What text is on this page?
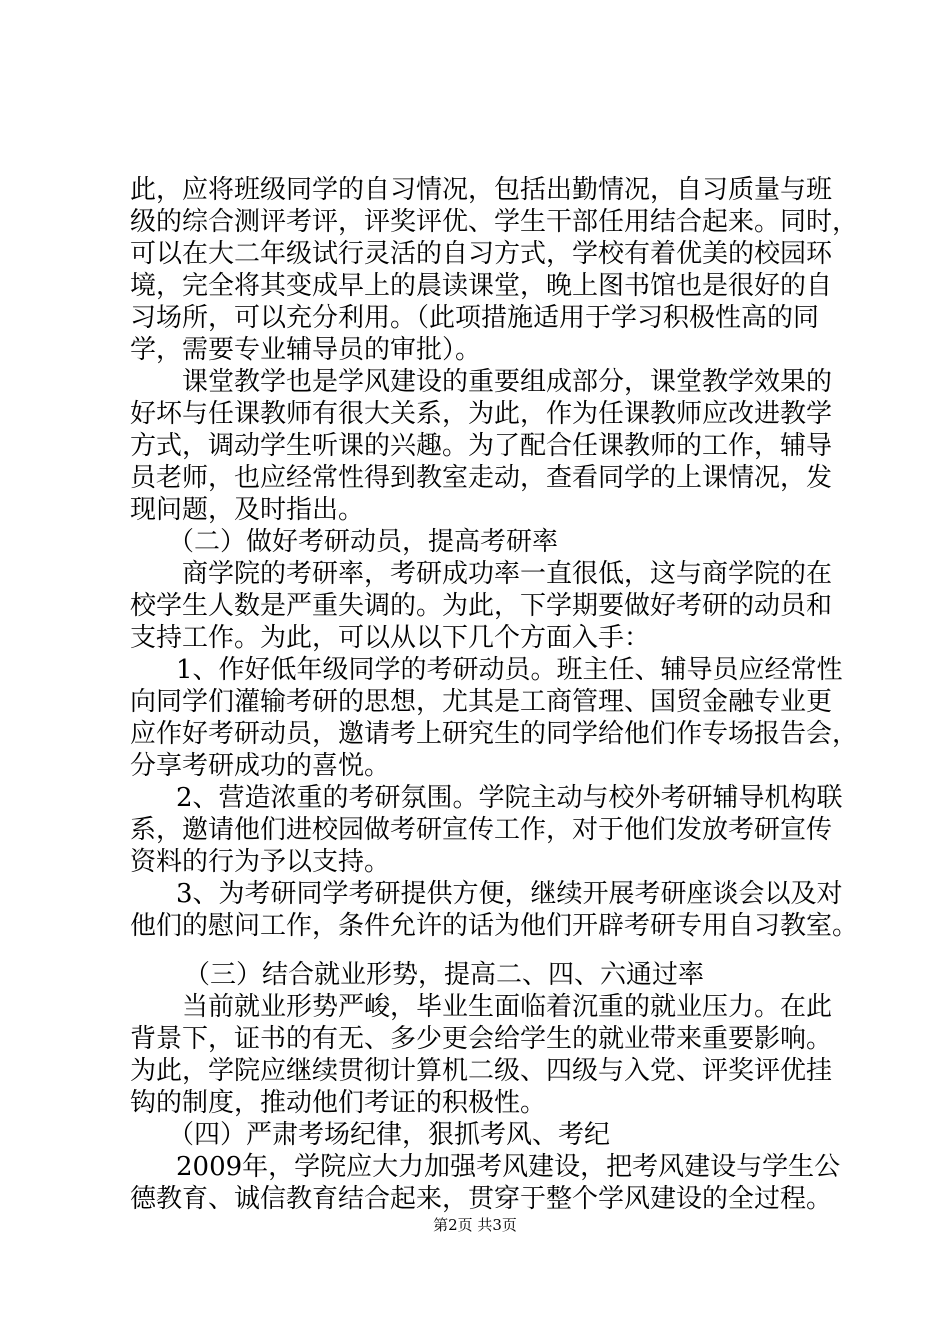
此，应将班级同学的自习情况，包括出勤情况，自习质量与班
级的综合测评考评，评奖评优、学生干部任用结合起来。同时，
可以在大二年级试行灵活的自习方式，学校有着优美的校园环
境，完全将其变成早上的晨读课堂，晚上图书馆也是很好的自
习场所，可以充分利用。（此项措施适用于学习积极性高的同
学，需要专业辅导员的审批）。
课堂教学也是学风建设的重要组成部分，课堂教学效果的
好坏与任课教师有很大关系，为此，作为任课教师应改进教学
方式，调动学生听课的兴趣。为了配合任课教师的工作，辅导
员老师，也应经常性得到教室走动，查看同学的上课情况，发
现问题，及时指出。
（二）做好考研动员，提高考研率
商学院的考研率，考研成功率一直很低，这与商学院的在
校学生人数是严重失调的。为此，下学期要做好考研的动员和
支持工作。为此，可以从以下几个方面入手：
1、作好低年级同学的考研动员。班主任、辅导员应经常性
向同学们灌输考研的思想，尤其是工商管理、国贸金融专业更
应作好考研动员，邀请考上研究生的同学给他们作专场报告会，
分享考研成功的喜悦。
2、营造浓重的考研氛围。学院主动与校外考研辅导机构联
系，邀请他们进校园做考研宣传工作，对于他们发放考研宣传
资料的行为予以支持。
3、为考研同学考研提供方便，继续开展考研座谈会以及对
他们的慰问工作，条件允许的话为他们开辟考研专用自习教室。
（三）结合就业形势，提高二、四、六通过率
当前就业形势严峻，毕业生面临着沉重的就业压力。在此
背景下，证书的有无、多少更会给学生的就业带来重要影响。
为此，学院应继续贯彻计算机二级、四级与入党、评奖评优挂
钩的制度，推动他们考证的积极性。
（四）严肃考场纪律，狠抓考风、考纪
2009年，学院应大力加强考风建设，把考风建设与学生公
德教育、诚信教育结合起来，贯穿于整个学风建设的全过程。
第2页 共3页
